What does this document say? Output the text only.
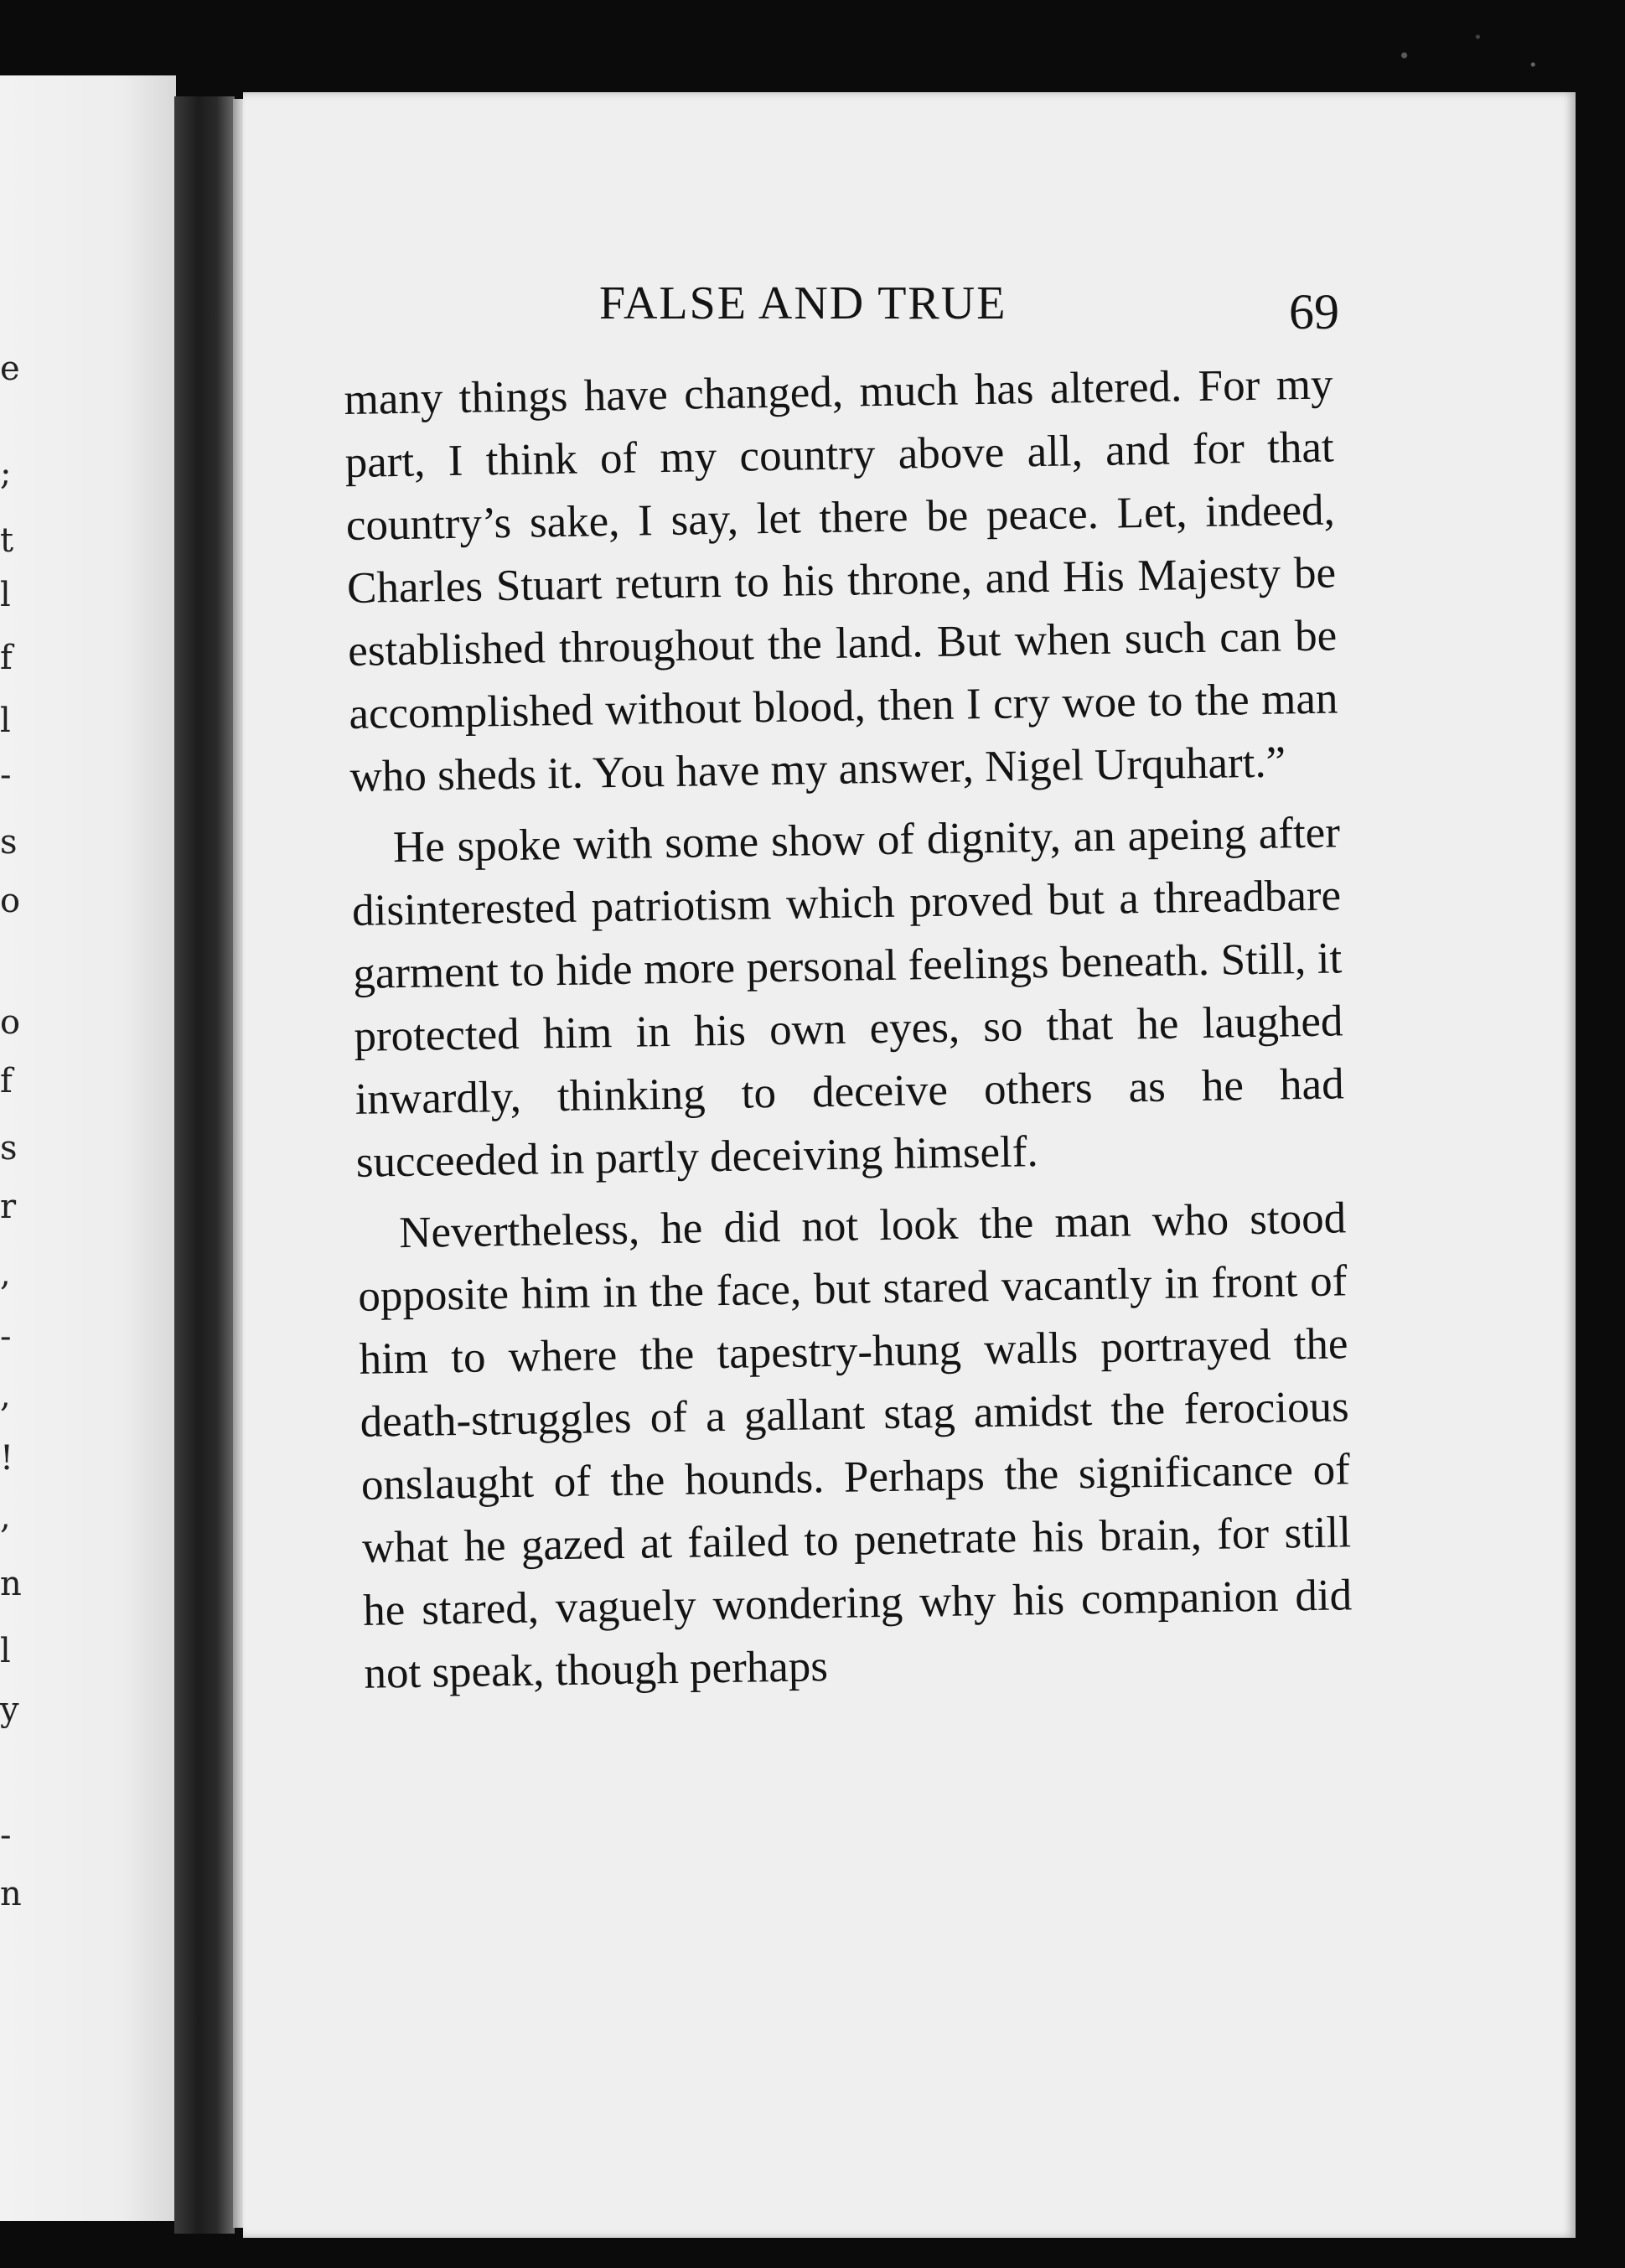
e
;
t
l
f
l
-
s
o
o
f
s
r
,
-
,
!
,
n
l
y
-
n
FALSE AND TRUE	69

many things have changed, much has altered. For my part, I think of my country above all, and for that country’s sake, I say, let there be peace. Let, indeed, Charles Stuart return to his throne, and His Majesty be established throughout the land. But when such can be accomplished without blood, then I cry woe to the man who sheds it. You have my answer, Nigel Urquhart.”

He spoke with some show of dignity, an apeing after disinterested patriotism which proved but a threadbare garment to hide more personal feelings beneath. Still, it protected him in his own eyes, so that he laughed inwardly, thinking to deceive others as he had succeeded in partly deceiving himself.

Nevertheless, he did not look the man who stood opposite him in the face, but stared vacantly in front of him to where the tapestry-hung walls portrayed the death-struggles of a gallant stag amidst the ferocious onslaught of the hounds. Perhaps the significance of what he gazed at failed to penetrate his brain, for still he stared, vaguely wondering why his companion did not speak, though perhaps
